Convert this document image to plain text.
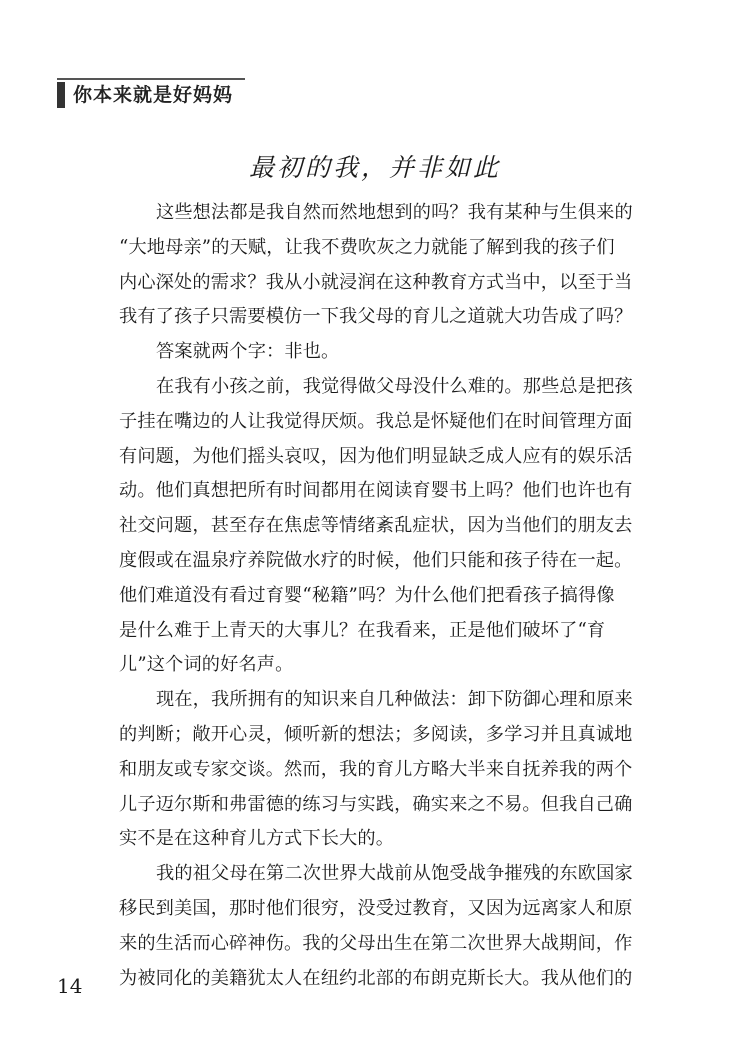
你本来就是好妈妈
最初的我，并非如此
这些想法都是我自然而然地想到的吗？我有某种与生俱来的
“大地母亲”的天赋，让我不费吹灰之力就能了解到我的孩子们
内心深处的需求？我从小就浸润在这种教育方式当中，以至于当
我有了孩子只需要模仿一下我父母的育儿之道就大功告成了吗？
答案就两个字：非也。
在我有小孩之前，我觉得做父母没什么难的。那些总是把孩
子挂在嘴边的人让我觉得厌烦。我总是怀疑他们在时间管理方面
有问题，为他们摇头哀叹，因为他们明显缺乏成人应有的娱乐活
动。他们真想把所有时间都用在阅读育婴书上吗？他们也许也有
社交问题，甚至存在焦虑等情绪紊乱症状，因为当他们的朋友去
度假或在温泉疗养院做水疗的时候，他们只能和孩子待在一起。
他们难道没有看过育婴“秘籍”吗？为什么他们把看孩子搞得像
是什么难于上青天的大事儿？在我看来，正是他们破坏了“育
儿”这个词的好名声。
现在，我所拥有的知识来自几种做法：卸下防御心理和原来
的判断；敞开心灵，倾听新的想法；多阅读，多学习并且真诚地
和朋友或专家交谈。然而，我的育儿方略大半来自抚养我的两个
儿子迈尔斯和弗雷德的练习与实践，确实来之不易。但我自己确
实不是在这种育儿方式下长大的。
我的祖父母在第二次世界大战前从饱受战争摧残的东欧国家
移民到美国，那时他们很穷，没受过教育，又因为远离家人和原
来的生活而心碎神伤。我的父母出生在第二次世界大战期间，作
为被同化的美籍犹太人在纽约北部的布朗克斯长大。我从他们的
14
